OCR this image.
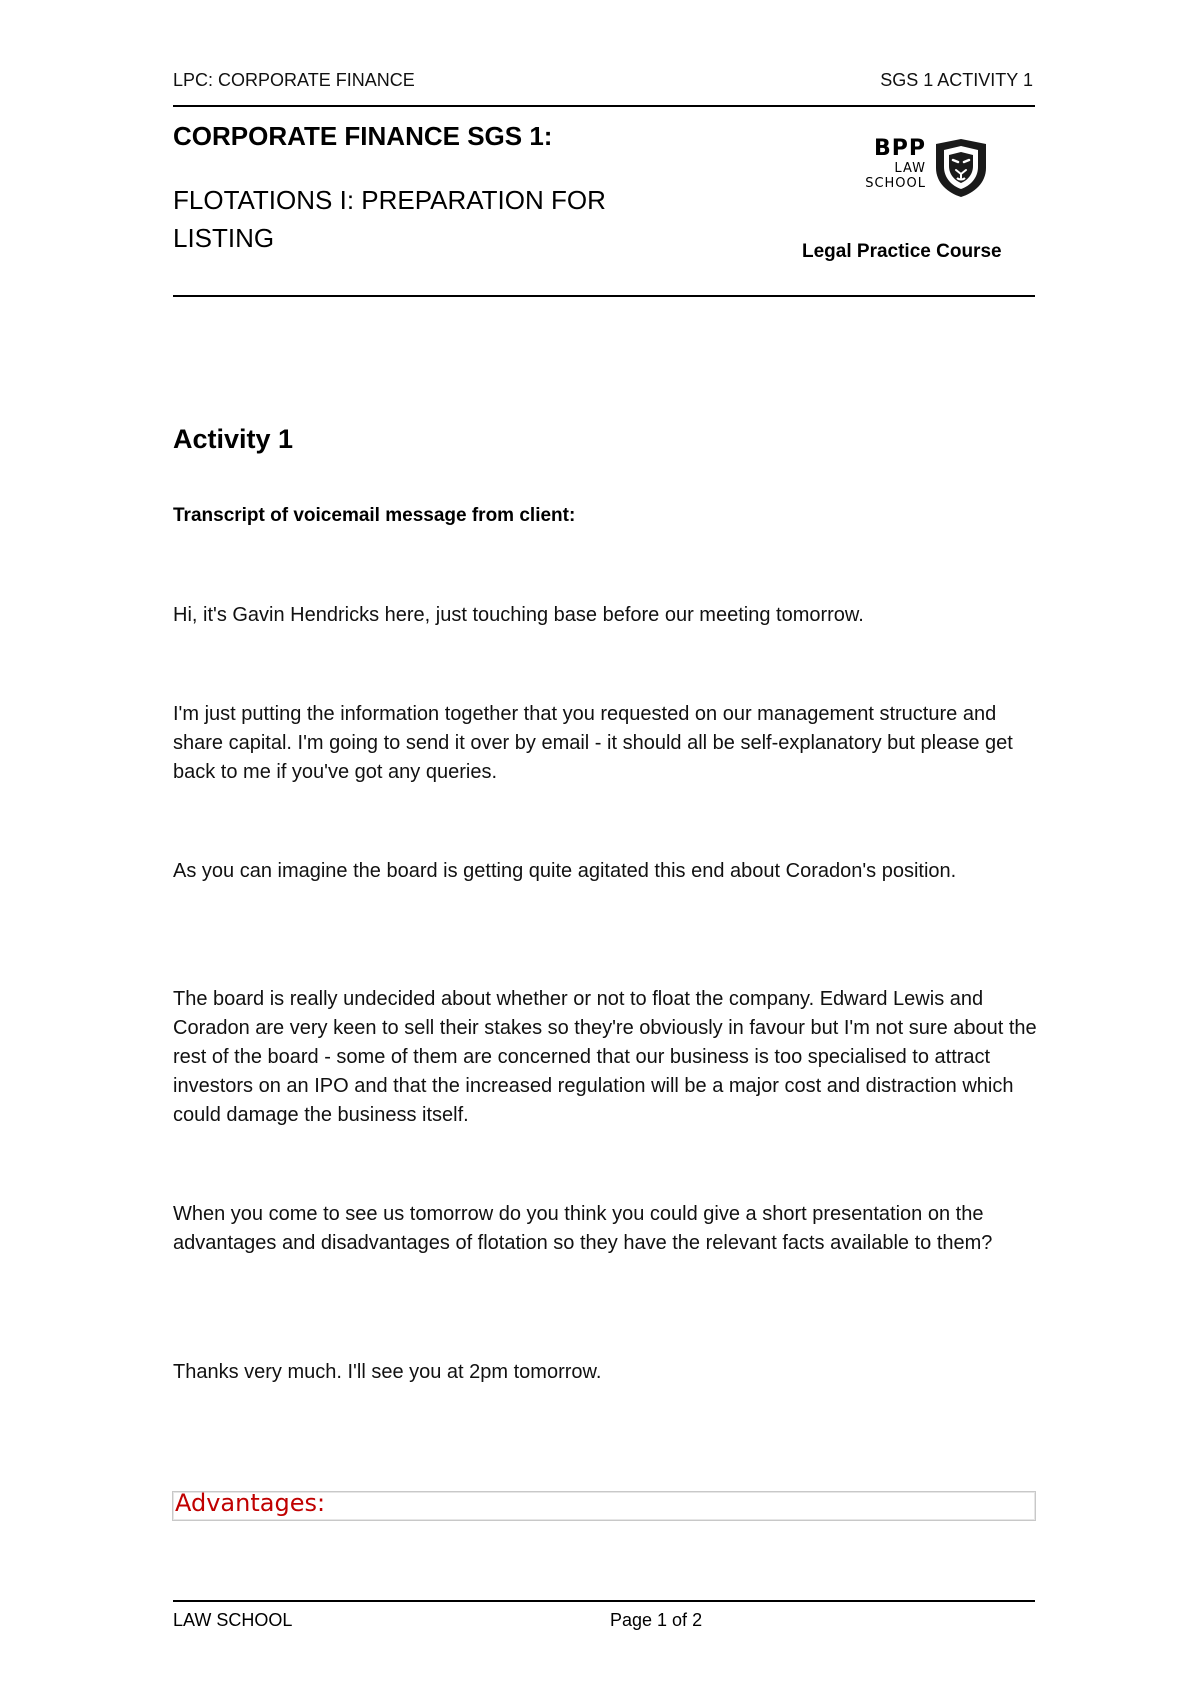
LPC: CORPORATE FINANCE	SGS 1 ACTIVITY 1
CORPORATE FINANCE SGS 1:
FLOTATIONS I: PREPARATION FOR LISTING
BPP
LAW
SCHOOL
Legal Practice Course
Activity 1
Transcript of voicemail message from client:
Hi, it's Gavin Hendricks here, just touching base before our meeting tomorrow.
I'm just putting the information together that you requested on our management structure and share capital. I'm going to send it over by email - it should all be self-explanatory but please get back to me if you've got any queries.
As you can imagine the board is getting quite agitated this end about Coradon's position.
The board is really undecided about whether or not to float the company. Edward Lewis and Coradon are very keen to sell their stakes so they're obviously in favour but I'm not sure about the rest of the board - some of them are concerned that our business is too specialised to attract investors on an IPO and that the increased regulation will be a major cost and distraction which could damage the business itself.
When you come to see us tomorrow do you think you could give a short presentation on the advantages and disadvantages of flotation so they have the relevant facts available to them?
Thanks very much. I'll see you at 2pm tomorrow.
Advantages:
LAW SCHOOL	Page 1 of 2
